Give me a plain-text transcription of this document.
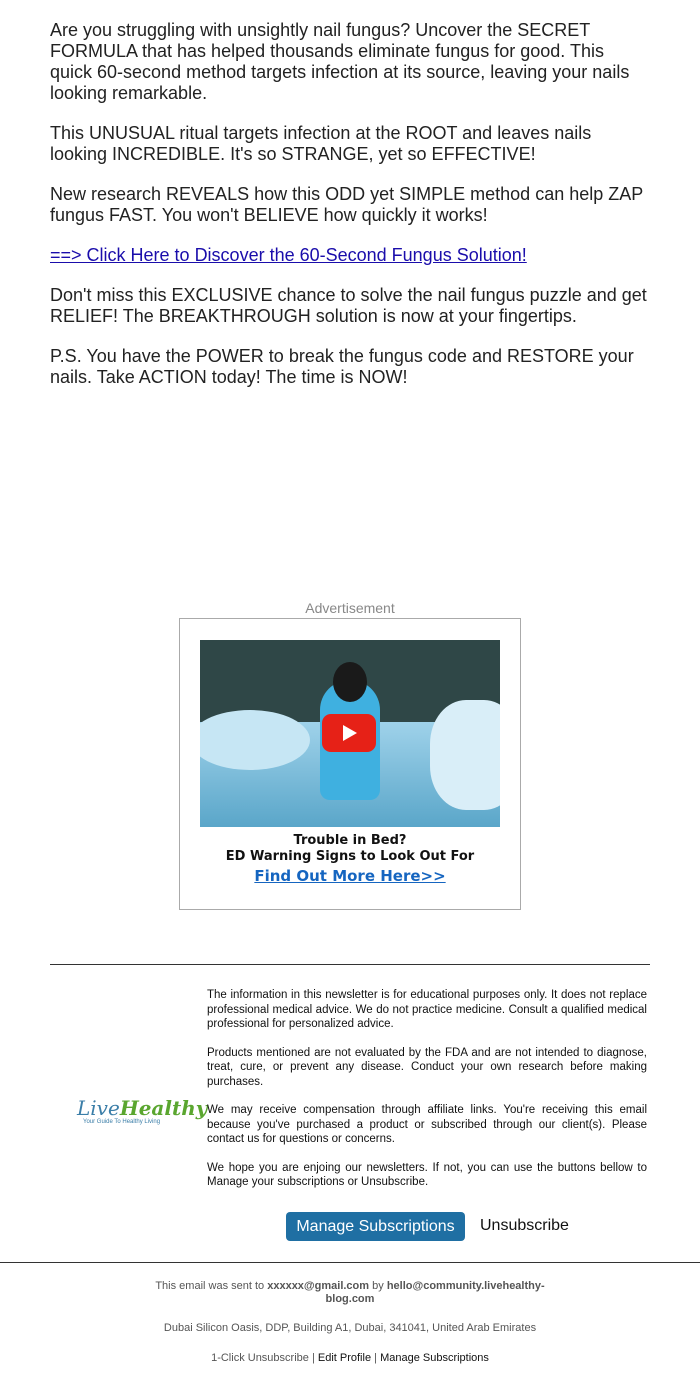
Are you struggling with unsightly nail fungus? Uncover the SECRET FORMULA that has helped thousands eliminate fungus for good. This quick 60-second method targets infection at its source, leaving your nails looking remarkable.

This UNUSUAL ritual targets infection at the ROOT and leaves nails looking INCREDIBLE. It's so STRANGE, yet so EFFECTIVE!

New research REVEALS how this ODD yet SIMPLE method can help ZAP fungus FAST. You won't BELIEVE how quickly it works!

==> Click Here to Discover the 60-Second Fungus Solution!

Don't miss this EXCLUSIVE chance to solve the nail fungus puzzle and get RELIEF! The BREAKTHROUGH solution is now at your fingertips.

P.S. You have the POWER to break the fungus code and RESTORE your nails. Take ACTION today! The time is NOW!

Advertisement
Trouble in Bed?
ED Warning Signs to Look Out For
Find Out More Here>>
LiveHealthy
Your Guide To Healthy Living

The information in this newsletter is for educational purposes only. It does not replace professional medical advice. We do not practice medicine. Consult a qualified medical professional for personalized advice.

Products mentioned are not evaluated by the FDA and are not intended to diagnose, treat, cure, or prevent any disease. Conduct your own research before making purchases.

We may receive compensation through affiliate links. You're receiving this email because you've purchased a product or subscribed through our client(s). Please contact us for questions or concerns.

We hope you are enjoing our newsletters. If not, you can use the buttons bellow to Manage your subscriptions or Unsubscribe.

Manage Subscriptions	Unsubscribe
This email was sent to xxxxxx@gmail.com by hello@community.livehealthy-blog.com
Dubai Silicon Oasis, DDP, Building A1, Dubai, 341041, United Arab Emirates
1-Click Unsubscribe | Edit Profile | Manage Subscriptions
